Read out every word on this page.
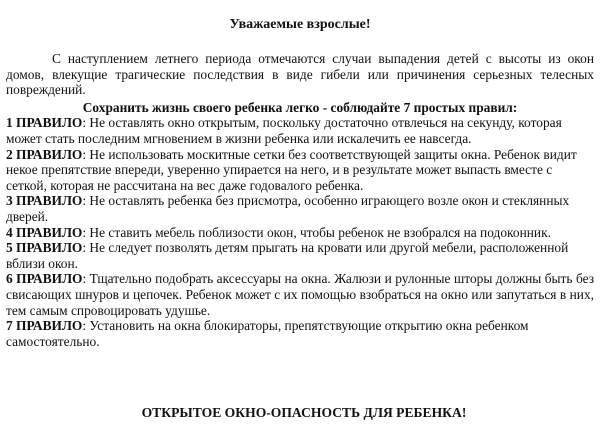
Уважаемые взрослые!

С наступлением летнего периода отмечаются случаи выпадения детей с высоты из окон домов, влекущие трагические последствия в виде гибели или причинения серьезных телесных повреждений.

Сохранить жизнь своего ребенка легко - соблюдайте 7 простых правил:

1 ПРАВИЛО: Не оставлять окно открытым, поскольку достаточно отвлечься на секунду, которая может стать последним мгновением в жизни ребенка или искалечить ее навсегда.

2 ПРАВИЛО: Не использовать москитные сетки без соответствующей защиты окна. Ребенок видит некое препятствие впереди, уверенно упирается на него, и в результате может выпасть вместе с сеткой, которая не рассчитана на вес даже годовалого ребенка.

3 ПРАВИЛО: Не оставлять ребенка без присмотра, особенно играющего возле окон и стеклянных дверей.

4 ПРАВИЛО: Не ставить мебель поблизости окон, чтобы ребенок не взобрался на подоконник.

5 ПРАВИЛО: Не следует позволять детям прыгать на кровати или другой мебели, расположенной вблизи окон.

6 ПРАВИЛО: Тщательно подобрать аксессуары на окна. Жалюзи и рулонные шторы должны быть без свисающих шнуров и цепочек. Ребенок может с их помощью взобраться на окно или запутаться в них, тем самым спровоцировать удушье.

7 ПРАВИЛО: Установить на окна блокираторы, препятствующие открытию окна ребенком самостоятельно.

ОТКРЫТОЕ ОКНО-ОПАСНОСТЬ ДЛЯ РЕБЕНКА!
